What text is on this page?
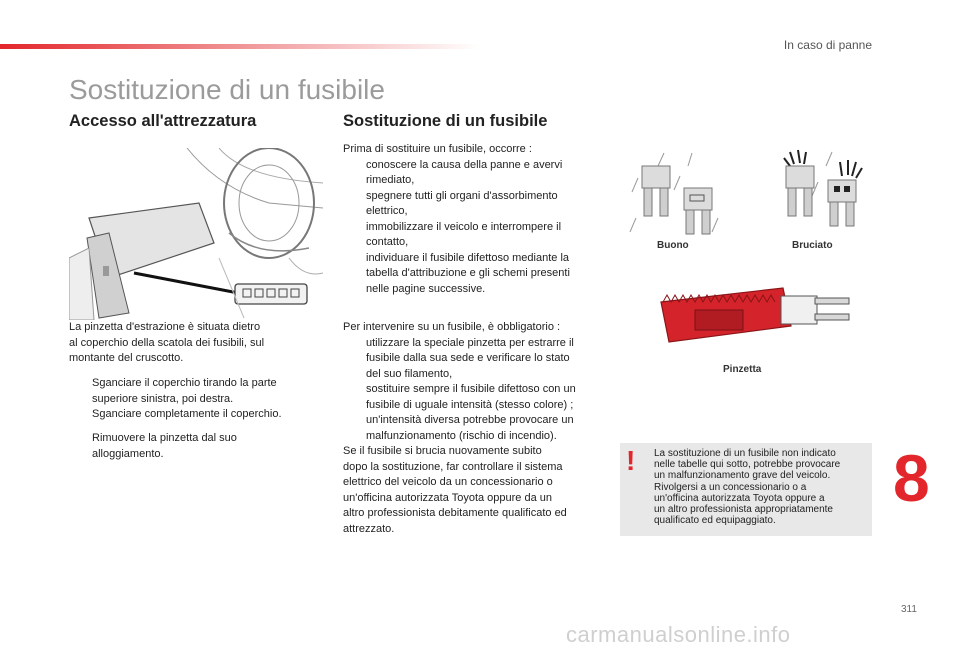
In caso di panne
Sostituzione di un fusibile
Accesso all'attrezzatura
La pinzetta d'estrazione è situata dietro
al coperchio della scatola dei fusibili, sul
montante del cruscotto.
Sganciare il coperchio tirando la parte
superiore sinistra, poi destra.
Sganciare completamente il coperchio.
Rimuovere la pinzetta dal suo
alloggiamento.
Sostituzione di un fusibile
Prima di sostituire un fusibile, occorre :
conoscere la causa della panne e avervi
rimediato,
spegnere tutti gli organi d'assorbimento
elettrico,
immobilizzare il veicolo e interrompere il
contatto,
individuare il fusibile difettoso mediante la
tabella d'attribuzione e gli schemi presenti
nelle pagine successive.
Per intervenire su un fusibile, è obbligatorio :
utilizzare la speciale pinzetta per estrarre il
fusibile dalla sua sede e verificare lo stato
del suo filamento,
sostituire sempre il fusibile difettoso con un
fusibile di uguale intensità (stesso colore) ;
un'intensità diversa potrebbe provocare un
malfunzionamento (rischio di incendio).
Se il fusibile si brucia nuovamente subito
dopo la sostituzione, far controllare il sistema
elettrico del veicolo da un concessionario o
un'officina autorizzata Toyota oppure da un
altro professionista debitamente qualificato ed
attrezzato.
Buono	Bruciato
Pinzetta
8
! La sostituzione di un fusibile non indicato
nelle tabelle qui sotto, potrebbe provocare
un malfunzionamento grave del veicolo.
Rivolgersi a un concessionario o a
un'officina autorizzata Toyota oppure a
un altro professionista appropriatamente
qualificato ed equipaggiato.
311
carmanualsonline.info
